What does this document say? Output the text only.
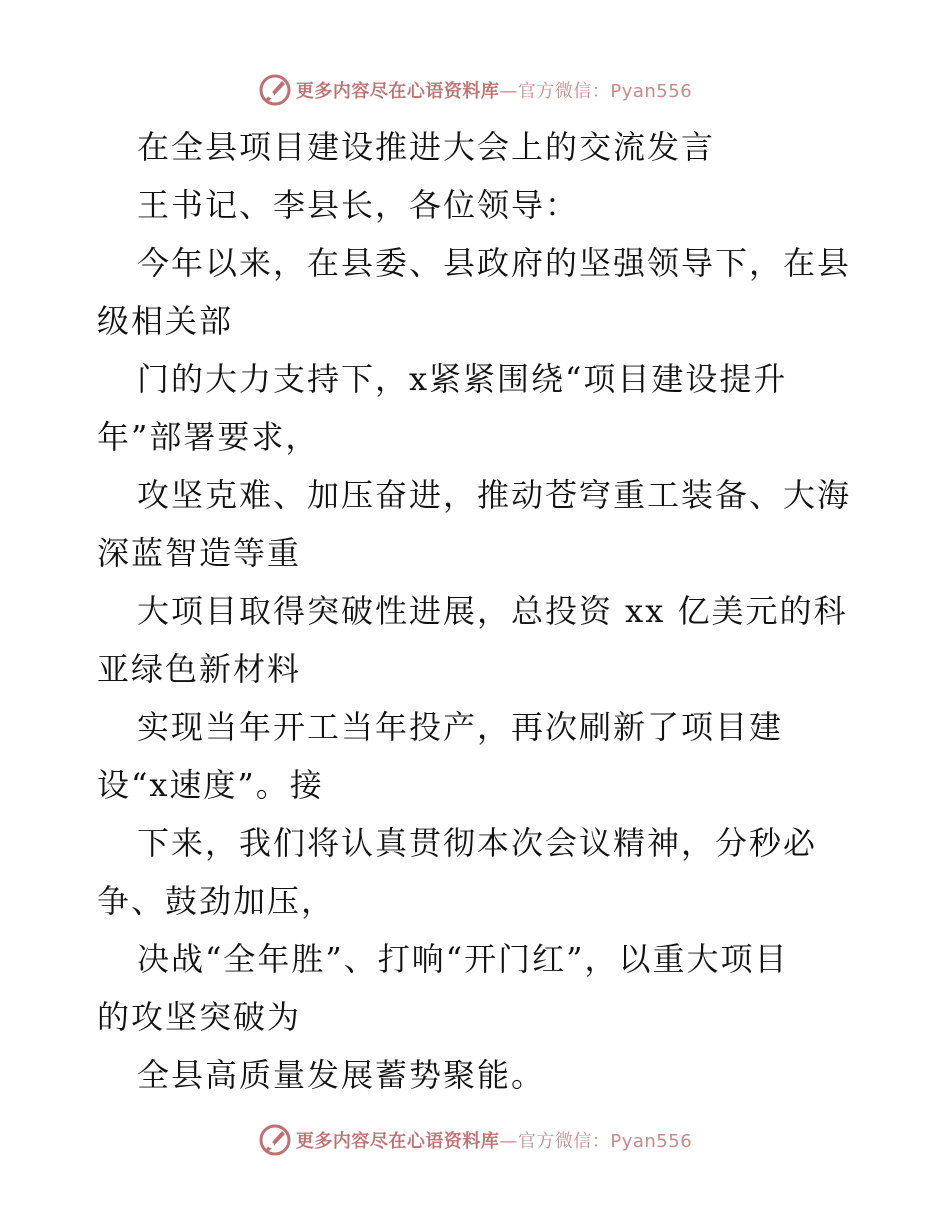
更多内容尽在心语资料库—官方微信：Pyan556
在全县项目建设推进大会上的交流发言
王书记、李县长，各位领导：
今年以来，在县委、县政府的坚强领导下，在县
级相关部
门的大力支持下，x紧紧围绕“项目建设提升
年”部署要求，
攻坚克难、加压奋进，推动苍穹重工装备、大海
深蓝智造等重
大项目取得突破性进展，总投资 xx 亿美元的科
亚绿色新材料
实现当年开工当年投产，再次刷新了项目建
设“x速度”。接
下来，我们将认真贯彻本次会议精神，分秒必
争、鼓劲加压，
决战“全年胜”、打响“开门红”，以重大项目
的攻坚突破为
全县高质量发展蓄势聚能。
更多内容尽在心语资料库—官方微信：Pyan556
